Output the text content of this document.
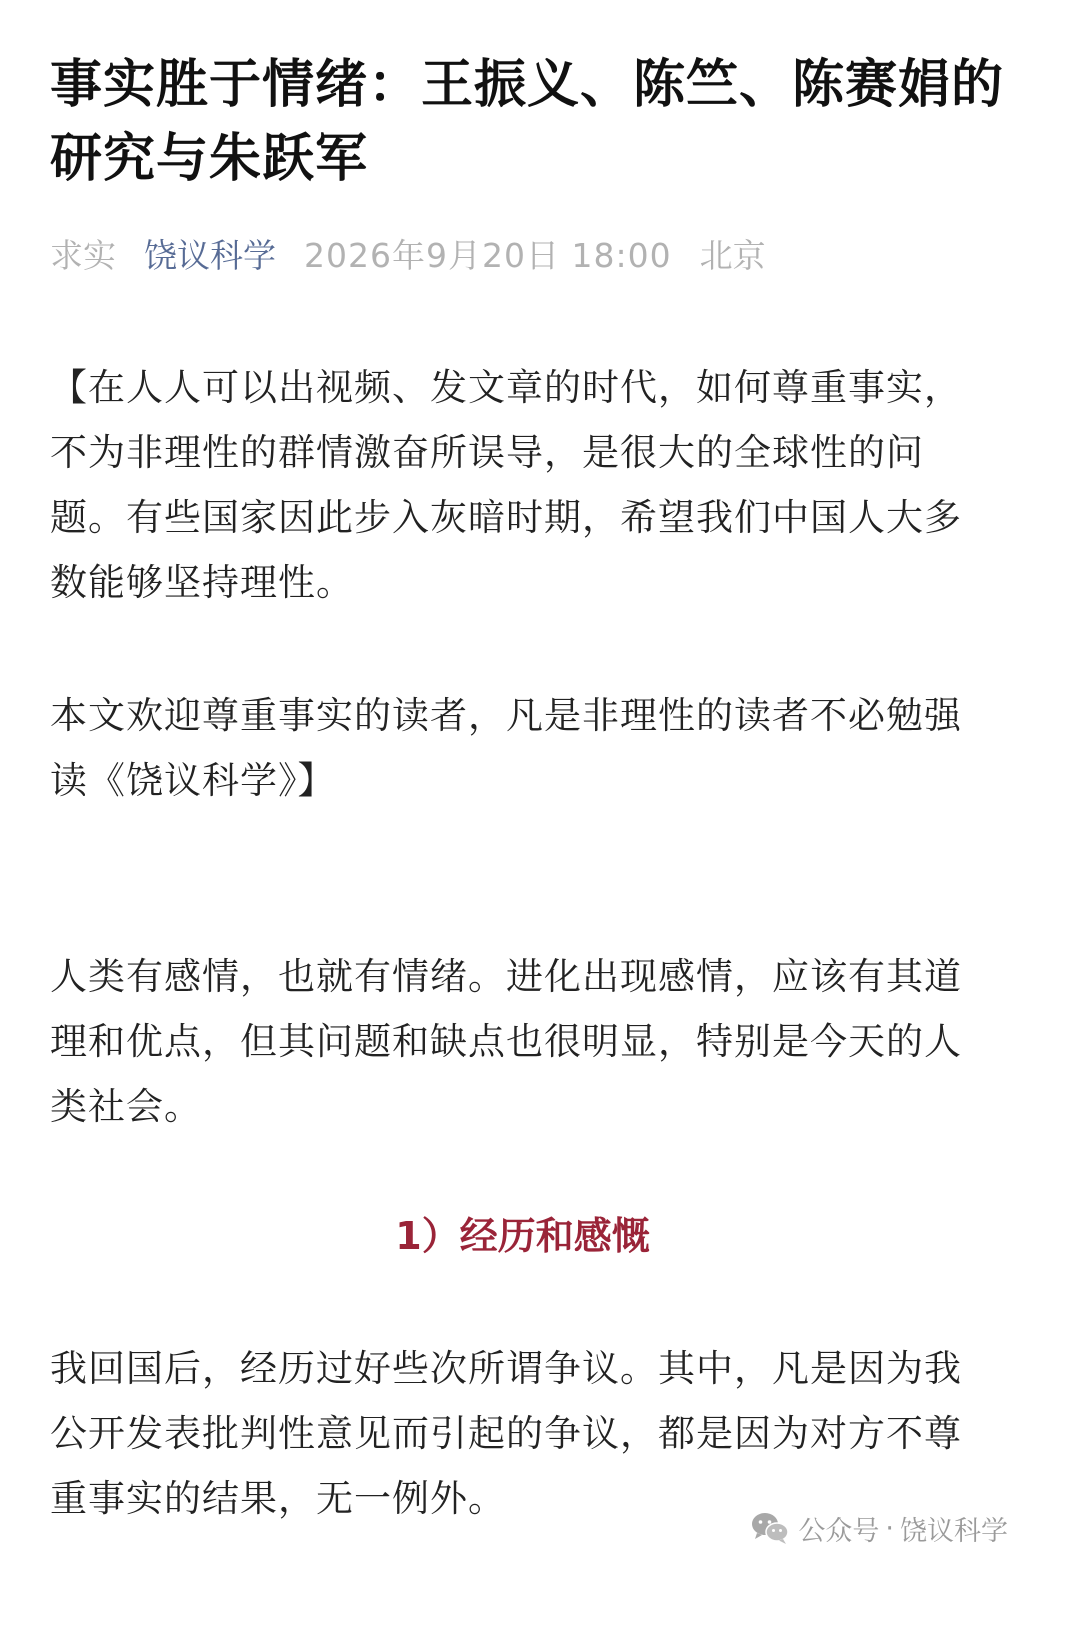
事实胜于情绪：王振义、陈竺、陈赛娟的研究与朱跃军
求实 饶议科学 2026年9月20日 18:00 北京

【在人人可以出视频、发文章的时代，如何尊重事实，不为非理性的群情激奋所误导，是很大的全球性的问题。有些国家因此步入灰暗时期，希望我们中国人大多数能够坚持理性。

本文欢迎尊重事实的读者，凡是非理性的读者不必勉强读《饶议科学》】

人类有感情，也就有情绪。进化出现感情，应该有其道理和优点，但其问题和缺点也很明显，特别是今天的人类社会。

1）经历和感慨

我回国后，经历过好些次所谓争议。其中，凡是因为我公开发表批判性意见而引起的争议，都是因为对方不尊重事实的结果，无一例外。

公众号 · 饶议科学
